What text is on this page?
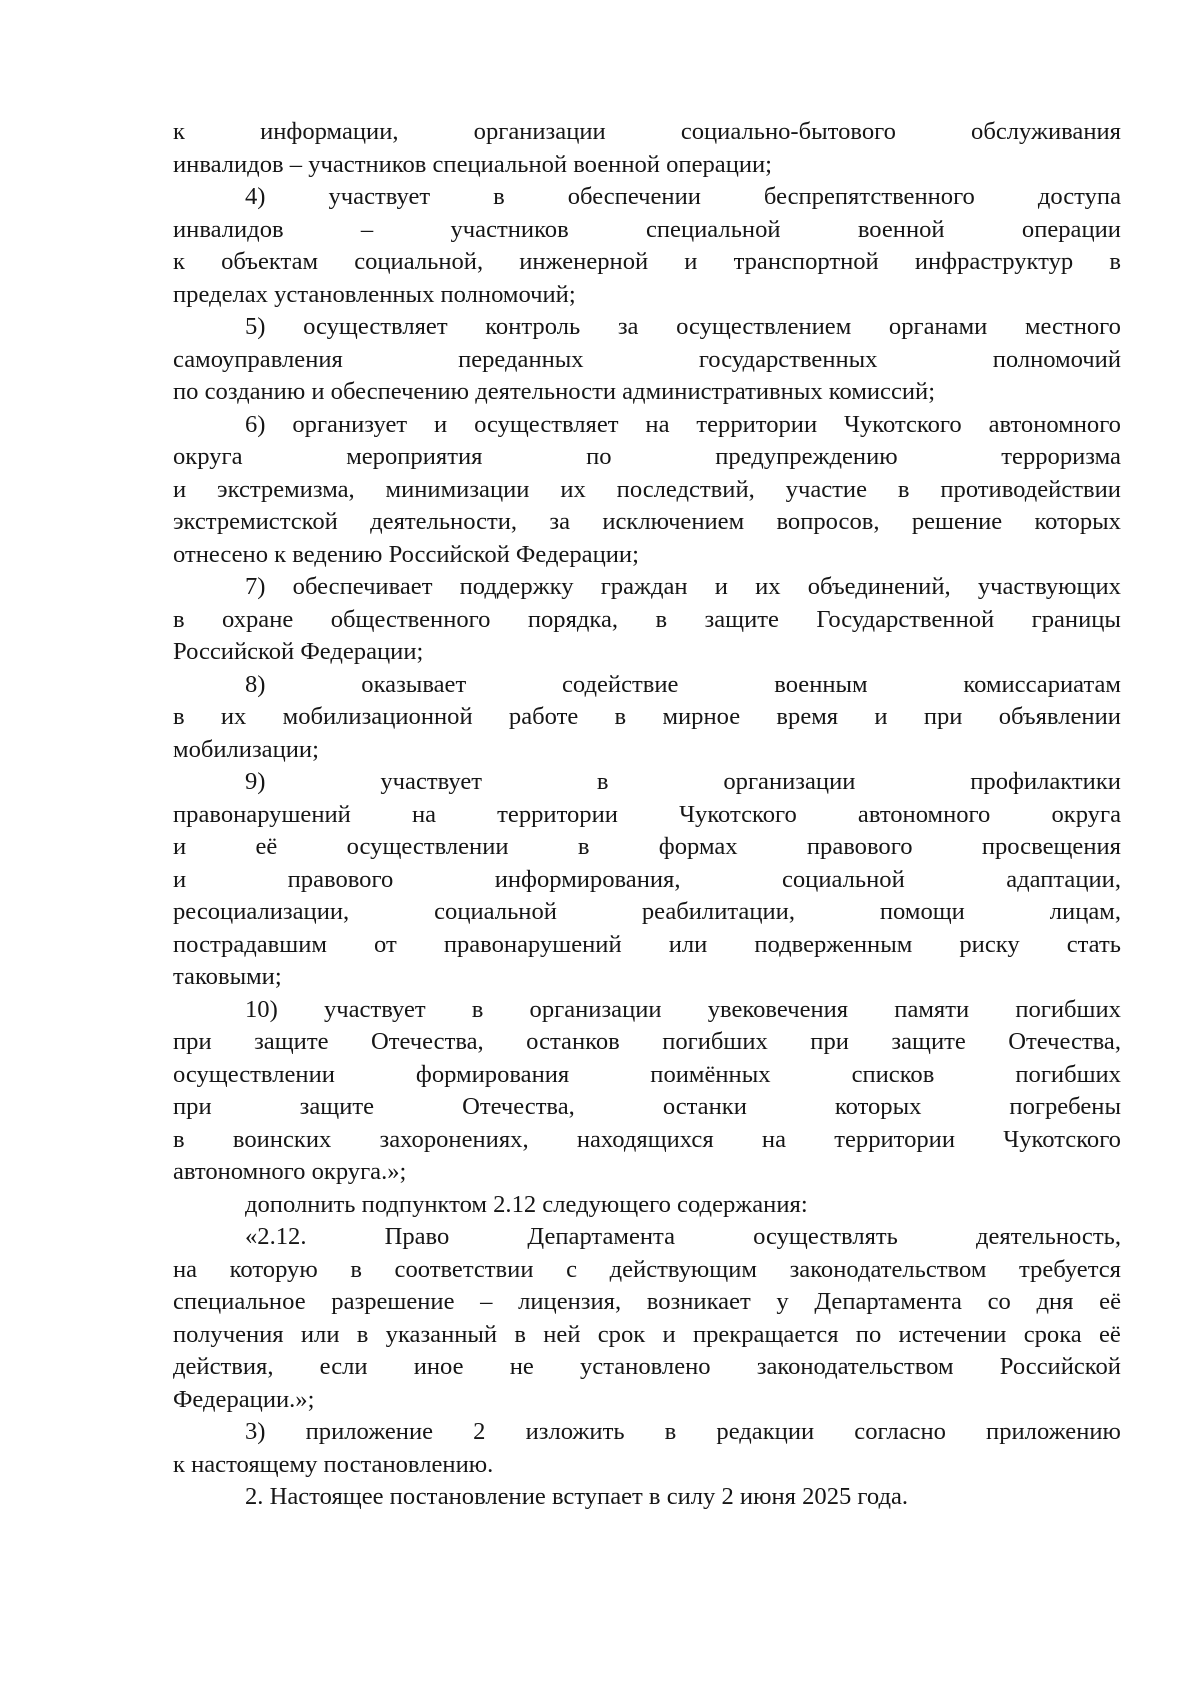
к	информации,	организации	социально-бытового	обслуживания
инвалидов – участников специальной военной операции;
4)	участвует	в	обеспечении	беспрепятственного	доступа
инвалидов	–	участников	специальной	военной	операции
к объектам социальной, инженерной и транспортной инфраструктур в
пределах установленных полномочий;
5) осуществляет контроль за осуществлением органами местного
самоуправления	переданных	государственных	полномочий
по созданию и обеспечению деятельности административных комиссий;
6) организует и осуществляет на территории Чукотского автономного
округа	мероприятия	по	предупреждению	терроризма
и экстремизма, минимизации их последствий, участие в противодействии
экстремистской деятельности, за исключением вопросов, решение которых
отнесено к ведению Российской Федерации;
7) обеспечивает поддержку граждан и их объединений, участвующих
в охране общественного порядка, в защите Государственной границы
Российской Федерации;
8)	оказывает	содействие	военным	комиссариатам
в их мобилизационной работе в мирное время и при объявлении
мобилизации;
9)	участвует	в	организации	профилактики
правонарушений на территории Чукотского автономного округа
и	её	осуществлении	в	формах	правового	просвещения
и	правового	информирования,	социальной	адаптации,
ресоциализации,	социальной	реабилитации,	помощи	лицам,
пострадавшим от правонарушений или подверженным риску стать
таковыми;
10) участвует в организации увековечения памяти погибших
при защите Отечества, останков погибших при защите Отечества,
осуществлении	формирования	поимённых	списков	погибших
при	защите	Отечества,	останки	которых	погребены
в воинских захоронениях, находящихся на территории Чукотского
автономного округа.»;
дополнить подпунктом 2.12 следующего содержания:
«2.12.	Право	Департамента	осуществлять	деятельность,
на которую в соответствии с действующим законодательством требуется
специальное разрешение – лицензия, возникает у Департамента со дня её
получения или в указанный в ней срок и прекращается по истечении срока её
действия, если иное не установлено законодательством Российской
Федерации.»;
3) приложение 2 изложить в редакции согласно приложению
к настоящему постановлению.
2. Настоящее постановление вступает в силу 2 июня 2025 года.
